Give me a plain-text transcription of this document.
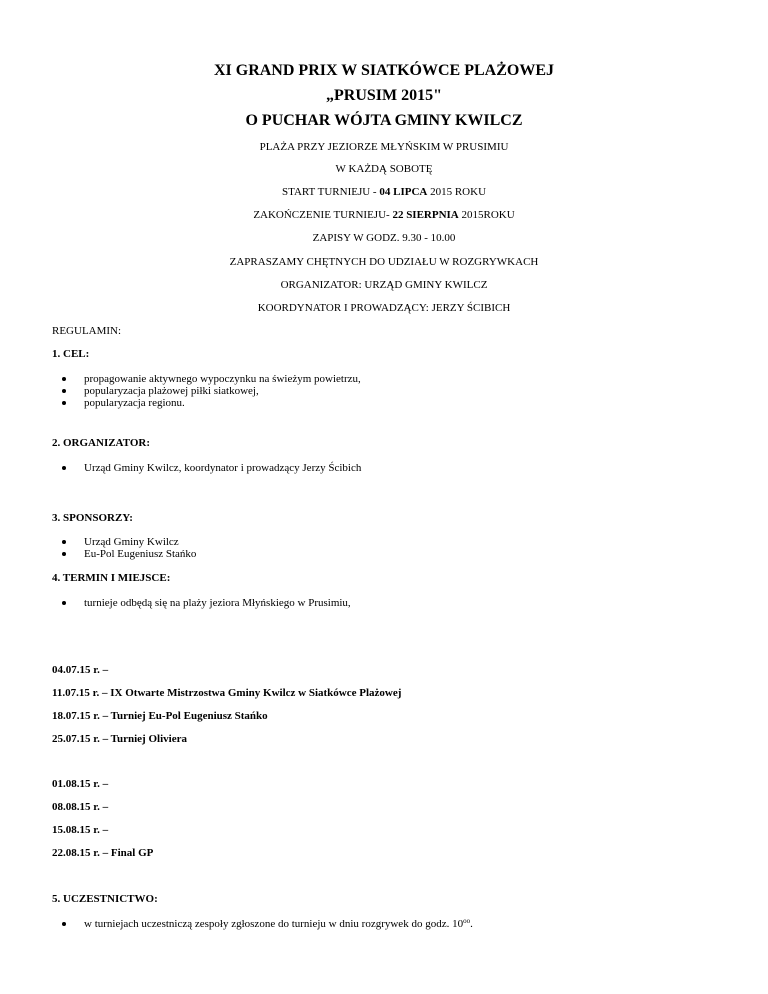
XI GRAND PRIX W SIATKÓWCE PLAŻOWEJ
„PRUSIM 2015"
O PUCHAR WÓJTA GMINY KWILCZ
PLAŻA PRZY JEZIORZE MŁYŃSKIM W PRUSIMIU
W KAŻDĄ SOBOTĘ
START TURNIEJU - 04 LIPCA 2015 ROKU
ZAKOŃCZENIE TURNIEJU- 22 SIERPNIA 2015ROKU
ZAPISY W GODZ. 9.30 - 10.00
ZAPRASZAMY CHĘTNYCH DO UDZIAŁU W ROZGRYWKACH
ORGANIZATOR: URZĄD GMINY KWILCZ
KOORDYNATOR I PROWADZĄCY: JERZY ŚCIBICH
REGULAMIN:
1. CEL:
propagowanie aktywnego wypoczynku na świeżym powietrzu,
popularyzacja plażowej piłki siatkowej,
popularyzacja regionu.
2. ORGANIZATOR:
Urząd Gminy Kwilcz, koordynator i prowadzący Jerzy Ścibich
3. SPONSORZY:
Urząd Gminy Kwilcz
Eu-Pol Eugeniusz Stańko
4. TERMIN I MIEJSCE:
turnieje odbędą się na plaży jeziora Młyńskiego w Prusimiu,
04.07.15 r. –
11.07.15 r. – IX Otwarte Mistrzostwa Gminy Kwilcz w Siatkówce Plażowej
18.07.15 r. – Turniej Eu-Pol Eugeniusz Stańko
25.07.15 r. – Turniej Oliviera
01.08.15 r. –
08.08.15 r. –
15.08.15 r. –
22.08.15 r. – Final GP
5. UCZESTNICTWO:
w turniejach uczestniczą zespoły zgłoszone do turnieju w dniu rozgrywek do godz. $10^{oo}$.
